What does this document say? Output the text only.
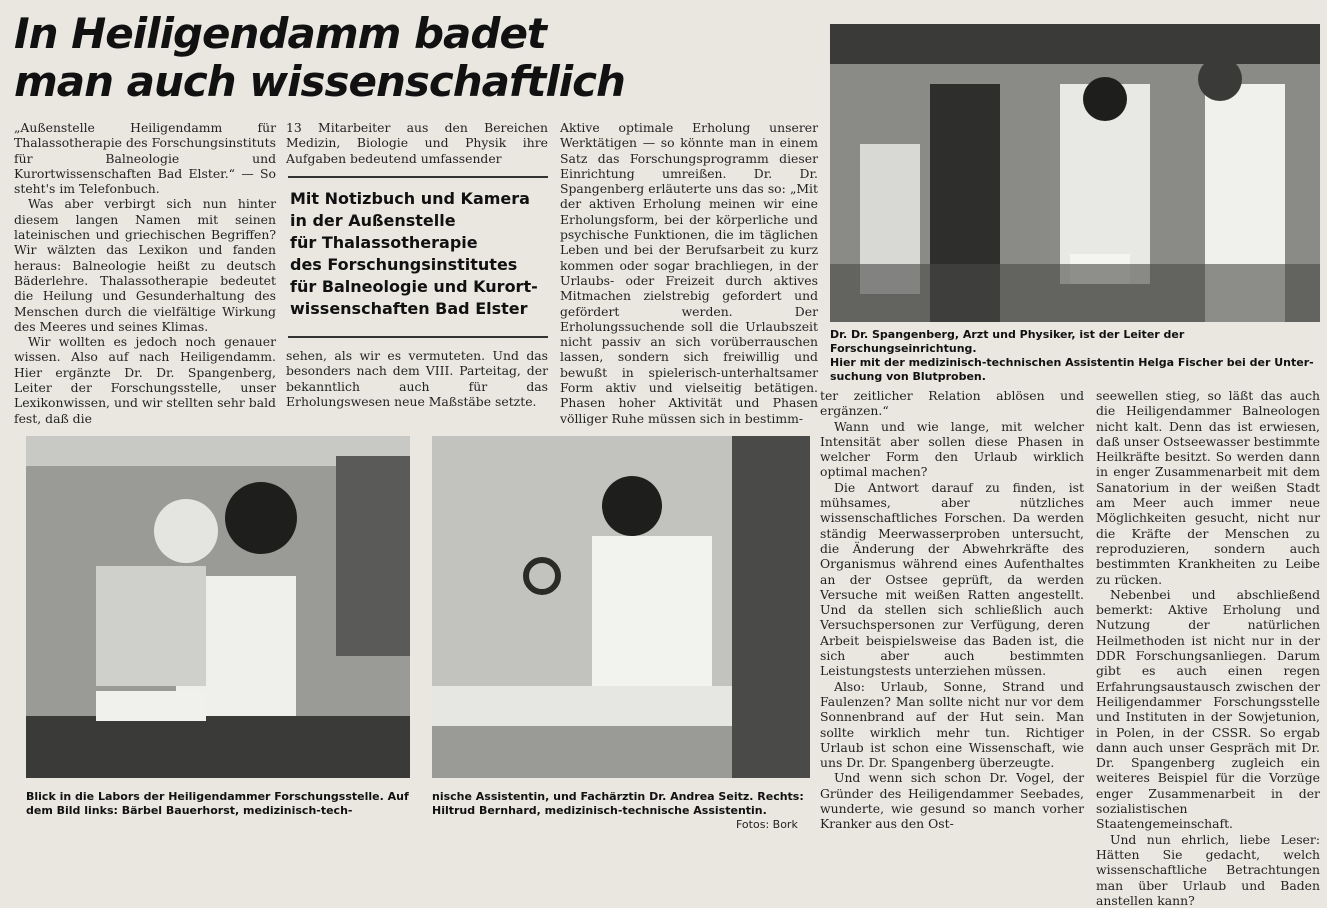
In Heiligendamm badet
man auch wissenschaftlich

„Außenstelle Heiligendamm für Thalassotherapie des Forschungsinstituts für Balneologie und Kurortwissenschaften Bad Elster.“ — So steht's im Telefonbuch.

Was aber verbirgt sich nun hinter diesem langen Namen mit seinen lateinischen und griechischen Begriffen? Wir wälzten das Lexikon und fanden heraus: Balneologie heißt zu deutsch Bäderlehre. Thalassotherapie bedeutet die Heilung und Gesunderhaltung des Menschen durch die vielfältige Wirkung des Meeres und seines Klimas.

Wir wollten es jedoch noch genauer wissen. Also auf nach Heiligendamm. Hier ergänzte Dr. Dr. Spangenberg, Leiter der Forschungsstelle, unser Lexikonwissen, und wir stellten sehr bald fest, daß die

13 Mitarbeiter aus den Bereichen Medizin, Biologie und Physik ihre Aufgaben bedeutend umfassender

Mit Notizbuch und Kamera
in der Außenstelle
für Thalassotherapie
des Forschungsinstitutes
für Balneologie und Kurort-
wissenschaften Bad Elster

sehen, als wir es vermuteten. Und das besonders nach dem VIII. Parteitag, der bekanntlich auch für das Erholungswesen neue Maßstäbe setzte.

Aktive optimale Erholung unserer Werktätigen — so könnte man in einem Satz das Forschungsprogramm dieser Einrichtung umreißen. Dr. Dr. Spangenberg erläuterte uns das so: „Mit der aktiven Erholung meinen wir eine Erholungsform, bei der körperliche und psychische Funktionen, die im täglichen Leben und bei der Berufsarbeit zu kurz kommen oder sogar brachliegen, in der Urlaubs- oder Freizeit durch aktives Mitmachen zielstrebig gefordert und gefördert werden. Der Erholungssuchende soll die Urlaubszeit nicht passiv an sich vorüberrauschen lassen, sondern sich freiwillig und bewußt in spielerisch-unterhaltsamer Form aktiv und vielseitig betätigen. Phasen hoher Aktivität und Phasen völliger Ruhe müssen sich in bestimm-

Dr. Dr. Spangenberg, Arzt und Physiker, ist der Leiter der Forschungseinrichtung.
Hier mit der medizinisch-technischen Assistentin Helga Fischer bei der Unter-
suchung von Blutproben.

ter zeitlicher Relation ablösen und ergänzen.“

Wann und wie lange, mit welcher Intensität aber sollen diese Phasen in welcher Form den Urlaub wirklich optimal machen?

Die Antwort darauf zu finden, ist mühsames, aber nützliches wissenschaftliches Forschen. Da werden ständig Meerwasserproben untersucht, die Änderung der Abwehrkräfte des Organismus während eines Aufenthaltes an der Ostsee geprüft, da werden Versuche mit weißen Ratten angestellt. Und da stellen sich schließlich auch Versuchspersonen zur Verfügung, deren Arbeit beispielsweise das Baden ist, die sich aber auch bestimmten Leistungstests unterziehen müssen.

Also: Urlaub, Sonne, Strand und Faulenzen? Man sollte nicht nur vor dem Sonnenbrand auf der Hut sein. Man sollte wirklich mehr tun. Richtiger Urlaub ist schon eine Wissenschaft, wie uns Dr. Dr. Spangenberg überzeugte.

Und wenn sich schon Dr. Vogel, der Gründer des Heiligendammer Seebades, wunderte, wie gesund so manch vorher Kranker aus den Ost-

seewellen stieg, so läßt das auch die Heiligendammer Balneologen nicht kalt. Denn das ist erwiesen, daß unser Ostseewasser bestimmte Heilkräfte besitzt. So werden dann in enger Zusammenarbeit mit dem Sanatorium in der weißen Stadt am Meer auch immer neue Möglichkeiten gesucht, nicht nur die Kräfte der Menschen zu reproduzieren, sondern auch bestimmten Krankheiten zu Leibe zu rücken.

Nebenbei und abschließend bemerkt: Aktive Erholung und Nutzung der natürlichen Heilmethoden ist nicht nur in der DDR Forschungsanliegen. Darum gibt es auch einen regen Erfahrungsaustausch zwischen der Heiligendammer Forschungsstelle und Instituten in der Sowjetunion, in Polen, in der CSSR. So ergab dann auch unser Gespräch mit Dr. Dr. Spangenberg zugleich ein weiteres Beispiel für die Vorzüge enger Zusammenarbeit in der sozialistischen Staatengemeinschaft.

Und nun ehrlich, liebe Leser: Hätten Sie gedacht, welch wissenschaftliche Betrachtungen man über Urlaub und Baden anstellen kann?

Blick in die Labors der Heiligendammer Forschungsstelle. Auf dem Bild links: Bärbel Bauerhorst, medizinisch-tech-
nische Assistentin, und Fachärztin Dr. Andrea Seitz. Rechts: Hiltrud Bernhard, medizinisch-technische Assistentin.
Fotos: Bork
